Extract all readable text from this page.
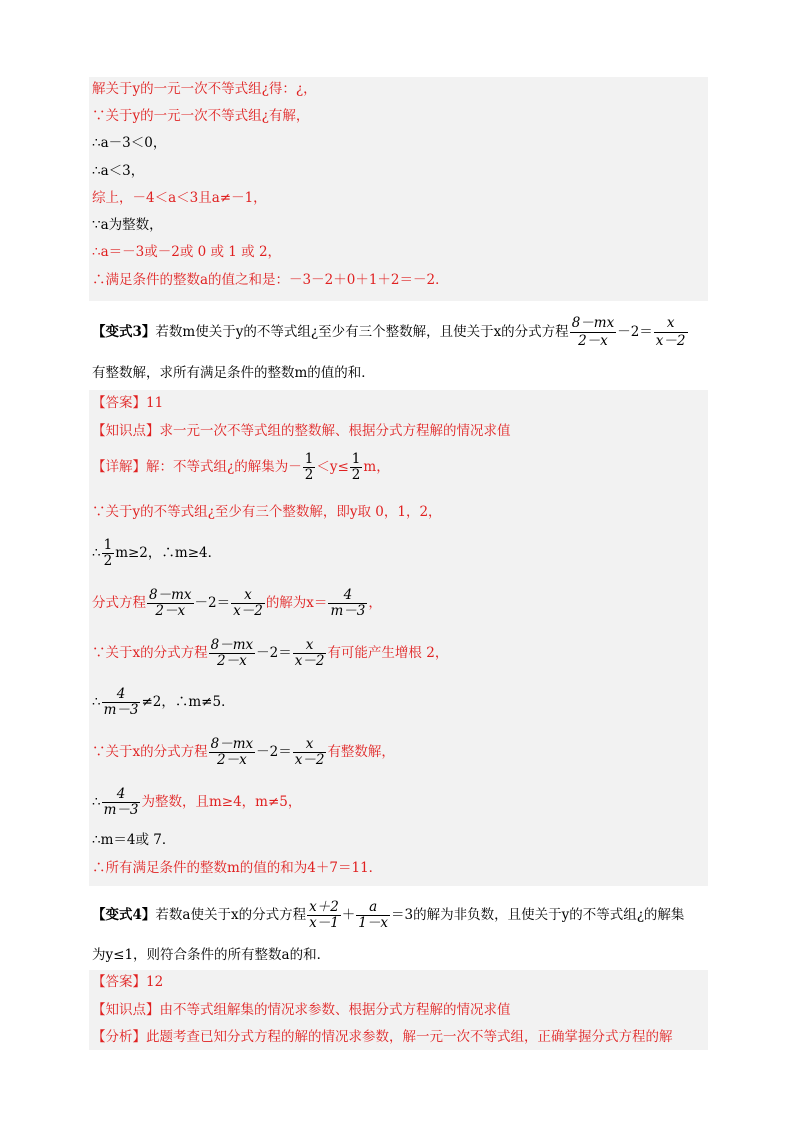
解关于y的一元一次不等式组¿得：¿，
∵关于y的一元一次不等式组¿有解，
∴a－3＜0，
∴a＜3，
综上，－4＜a＜3且a≠－1，
∵a为整数，
∴a＝－3或－2或 0 或 1 或 2，
∴满足条件的整数a的值之和是：－3－2＋0＋1＋2＝－2．
【变式3】若数m使关于y的不等式组¿至少有三个整数解，且使关于x的分式方程 $\frac{8-mx}{2-x} -2= \frac{x}{x-2}$
有整数解，求所有满足条件的整数m的值的和．
【答案】11
【知识点】求一元一次不等式组的整数解、根据分式方程解的情况求值
【详解】解：不等式组¿的解集为－ $\frac{1}{2} <y\le \frac{1}{2}$ m，
∵关于y的不等式组¿至少有三个整数解，即y取 0，1，2，
∴ $\frac{1}{2} m\ge 2$，∴m≥4．
分式方程 $\frac{8-mx}{2-x} -2= \frac{x}{x-2}$ 的解为$x= \frac{4}{m-3}$ ，
∵关于x的分式方程 $\frac{8-mx}{2-x} -2= \frac{x}{x-2}$ 有可能产生增根 2，
∴ $\frac{4}{m-3} \ne 2$，∴m≠5．
∵关于x的分式方程 $\frac{8-mx}{2-x} -2= \frac{x}{x-2}$ 有整数解，
∴ $\frac{4}{m-3}$ 为整数，且m≥4，m≠5，
∴m＝4或 7．
∴所有满足条件的整数m的值的和为4＋7＝11．
【变式4】若数a使关于x的分式方程 $\frac{x+2}{x-1} + \frac{a}{1-x} =3$的解为非负数，且使关于y的不等式组¿的解集
为y≤1，则符合条件的所有整数a的和．
【答案】12
【知识点】由不等式组解集的情况求参数、根据分式方程解的情况求值
【分析】此题考查已知分式方程的解的情况求参数，解一元一次不等式组，正确掌握分式方程的解
